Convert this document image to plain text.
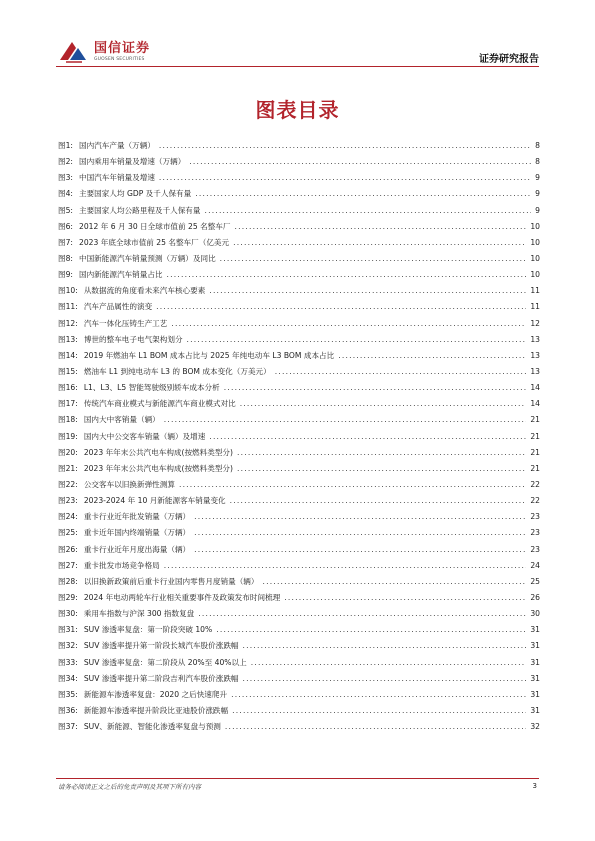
国信证券
GUOSEN SECURITIES	证券研究报告
图表目录
图1: 国内汽车产量（万辆） .....	8
图2: 国内乘用车销量及增速（万辆） .....	8
图3: 中国汽车年销量及增速 .....	9
图4: 主要国家人均 GDP 及千人保有量 .....	9
图5: 主要国家人均公路里程及千人保有量 .....	9
图6: 2012 年 6 月 30 日全球市值前 25 名整车厂 .....	10
图7: 2023 年底全球市值前 25 名整车厂（亿美元 .....	10
图8: 中国新能源汽车销量预测（万辆）及同比 .....	10
图9: 国内新能源汽车销量占比 .....	10
图10: 从数据流的角度看未来汽车核心要素 .....	11
图11: 汽车产品属性的演变 .....	11
图12: 汽车一体化压铸生产工艺 .....	12
图13: 博世的整车电子电气架构划分 .....	13
图14: 2019 年燃油车 L1 BOM 成本占比与 2025 年纯电动车 L3 BOM 成本占比 .....	13
图15: 燃油车 L1 到纯电动车 L3 的 BOM 成本变化（万美元） .....	13
图16: L1、L3、L5 智能驾驶级别轿车成本分析 .....	14
图17: 传统汽车商业模式与新能源汽车商业模式对比 .....	14
图18: 国内大中客销量（辆） .....	21
图19: 国内大中公交客车销量（辆）及增速 .....	21
图20: 2023 年年末公共汽电车构成(按燃料类型分) .....	21
图21: 2023 年年末公共汽电车构成(按燃料类型分) .....	21
图22: 公交客车以旧换新弹性测算 .....	22
图23: 2023-2024 年 10 月新能源客车销量变化 .....	22
图24: 重卡行业近年批发销量（万辆） .....	23
图25: 重卡近年国内终端销量（万辆） .....	23
图26: 重卡行业近年月度出海量（辆） .....	23
图27: 重卡批发市场竞争格局 .....	24
图28: 以旧换新政策前后重卡行业国内零售月度销量（辆） .....	25
图29: 2024 年电动两轮车行业相关重要事件及政策发布时间梳理 .....	26
图30: 乘用车指数与沪深 300 指数复盘 .....	30
图31: SUV 渗透率复盘：第一阶段突破 10% .....	31
图32: SUV 渗透率提升第一阶段长城汽车股价涨跌幅 .....	31
图33: SUV 渗透率复盘：第二阶段从 20%至 40%以上 .....	31
图34: SUV 渗透率提升第二阶段吉利汽车股价涨跌幅 .....	31
图35: 新能源车渗透率复盘：2020 之后快速爬升 .....	31
图36: 新能源车渗透率提升阶段比亚迪股价涨跌幅 .....	31
图37: SUV、新能源、智能化渗透率复盘与预测 .....	32
请务必阅读正文之后的免责声明及其项下所有内容	3
